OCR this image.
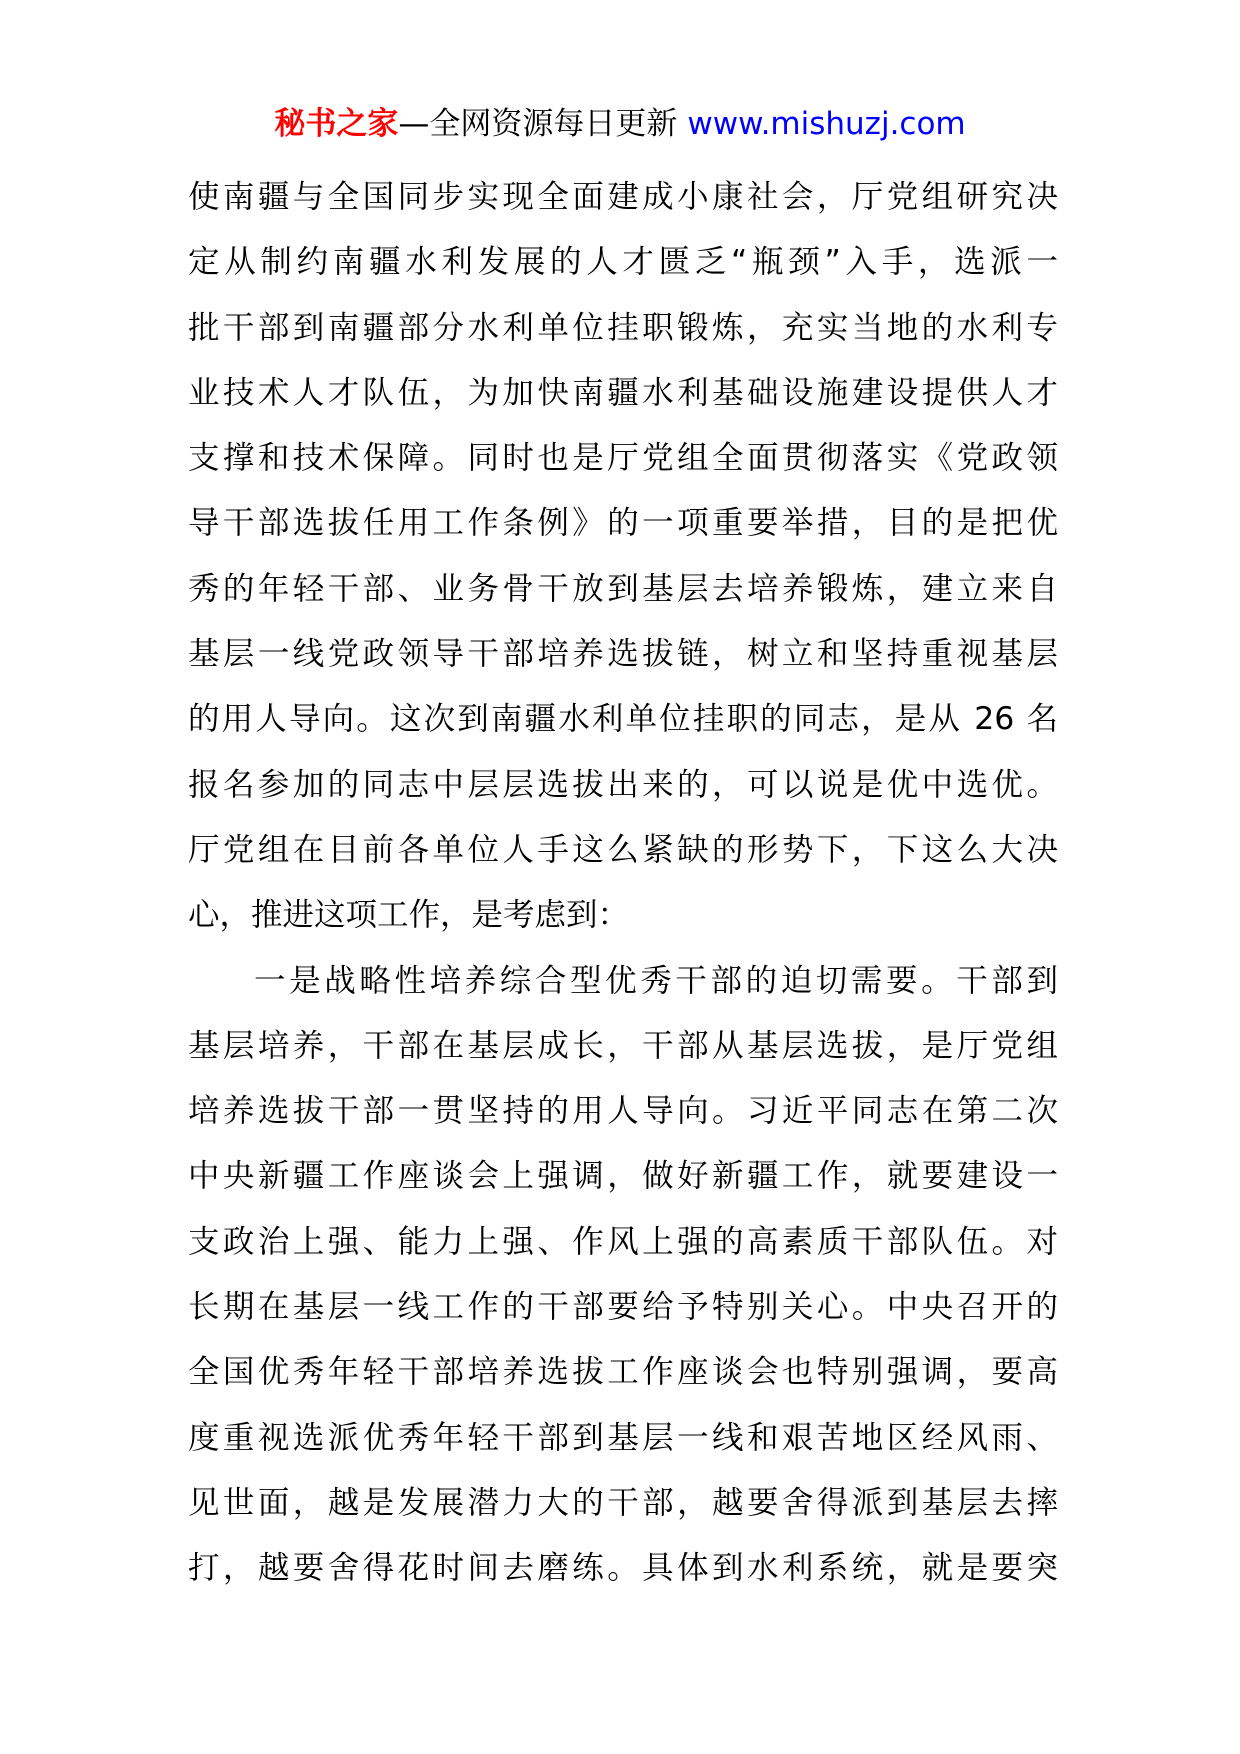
秘书之家—全网资源每日更新 www.mishuzj.com
使南疆与全国同步实现全面建成小康社会，厅党组研究决
定从制约南疆水利发展的人才匮乏“瓶颈”入手，选派一
批干部到南疆部分水利单位挂职锻炼，充实当地的水利专
业技术人才队伍，为加快南疆水利基础设施建设提供人才
支撑和技术保障。同时也是厅党组全面贯彻落实《党政领
导干部选拔任用工作条例》的一项重要举措，目的是把优
秀的年轻干部、业务骨干放到基层去培养锻炼，建立来自
基层一线党政领导干部培养选拔链，树立和坚持重视基层
的用人导向。这次到南疆水利单位挂职的同志，是从 26 名
报名参加的同志中层层选拔出来的，可以说是优中选优。
厅党组在目前各单位人手这么紧缺的形势下，下这么大决
心，推进这项工作，是考虑到：
一是战略性培养综合型优秀干部的迫切需要。干部到
基层培养，干部在基层成长，干部从基层选拔，是厅党组
培养选拔干部一贯坚持的用人导向。习近平同志在第二次
中央新疆工作座谈会上强调，做好新疆工作，就要建设一
支政治上强、能力上强、作风上强的高素质干部队伍。对
长期在基层一线工作的干部要给予特别关心。中央召开的
全国优秀年轻干部培养选拔工作座谈会也特别强调，要高
度重视选派优秀年轻干部到基层一线和艰苦地区经风雨、
见世面，越是发展潜力大的干部，越要舍得派到基层去摔
打，越要舍得花时间去磨练。具体到水利系统，就是要突
